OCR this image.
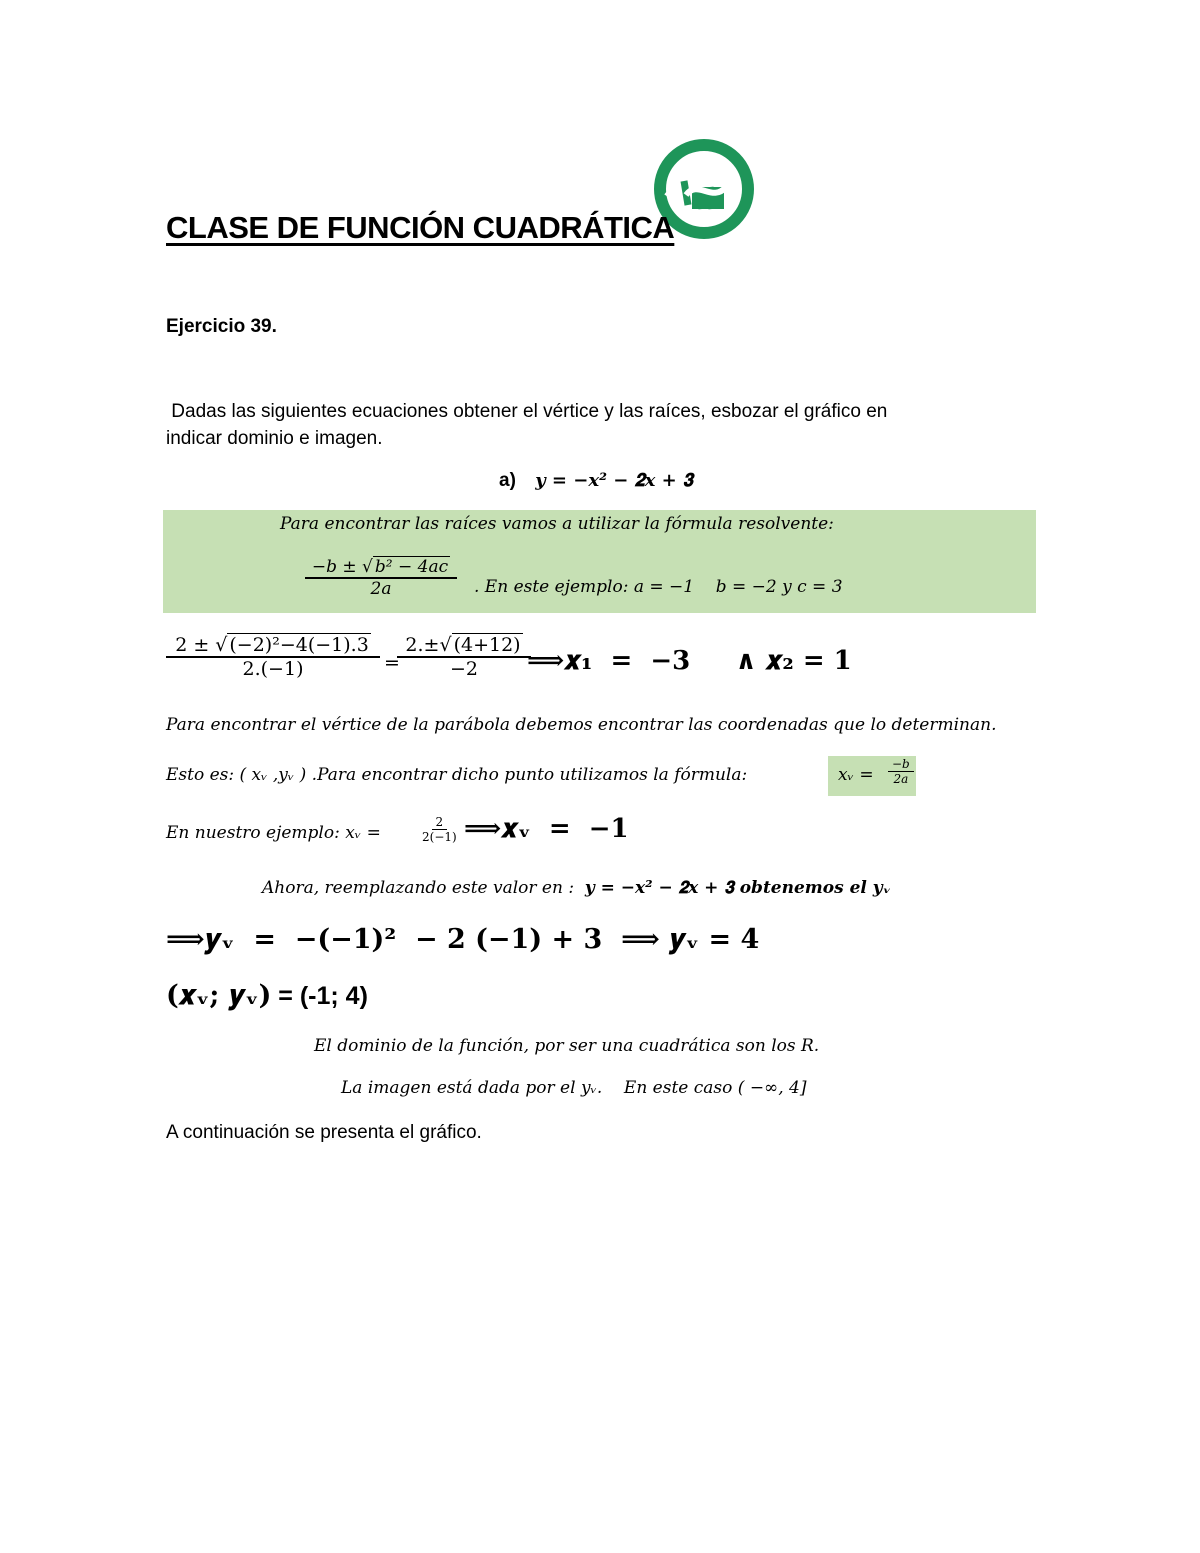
CLASE DE FUNCIÓN CUADRÁTICA
Ejercicio 39.
Dadas las siguientes ecuaciones obtener el vértice y las raíces, esbozar el gráfico en
indicar dominio e imagen.
a) 𝒚 = −𝒙² − 𝟐𝒙 + 𝟑
Para encontrar las raíces vamos a utilizar la fórmula resolvente:
$\frac{\text{−b ± √ b² − 4ac}}{2a}$ . En este ejemplo: a = −1    b = −2 y c = 3
$\frac{\text{2 ± √ (−2)²−4(−1).3}}{2.(-1)}$ =
$\frac{2.\pm√ (4+12)}{-2}$
⟹𝒙₁  =  −𝟑     ∧ 𝒙₂ = 𝟏
Para encontrar el vértice de la parábola debemos encontrar las coordenadas que lo determinan.
Esto es: ( xᵥ ,yᵥ ) .Para encontrar dicho punto utilizamos la fórmula:	xᵥ = $\frac{-b}{2a}$
En nuestro ejemplo: xᵥ =	$\frac{2}{2(-1)}$ ⟹𝒙ᵥ  =  −𝟏
Ahora, reemplazando este valor en : 𝒚 = −𝒙² − 𝟐𝒙 + 𝟑 𝒐𝒃𝒕𝒆𝒏𝒆𝒎𝒐𝒔 𝒆𝒍 𝒚ᵥ
⟹𝒚ᵥ  =  −(−𝟏)²  − 𝟐 (−𝟏) + 𝟑  ⟹ 𝒚ᵥ = 𝟒
(𝒙ᵥ; 𝒚ᵥ) = (-1; 4)
El dominio de la función, por ser una cuadrática son los R.
La imagen está dada por el yᵥ.    En este caso ( −∞, 4]
A continuación se presenta el gráfico.
